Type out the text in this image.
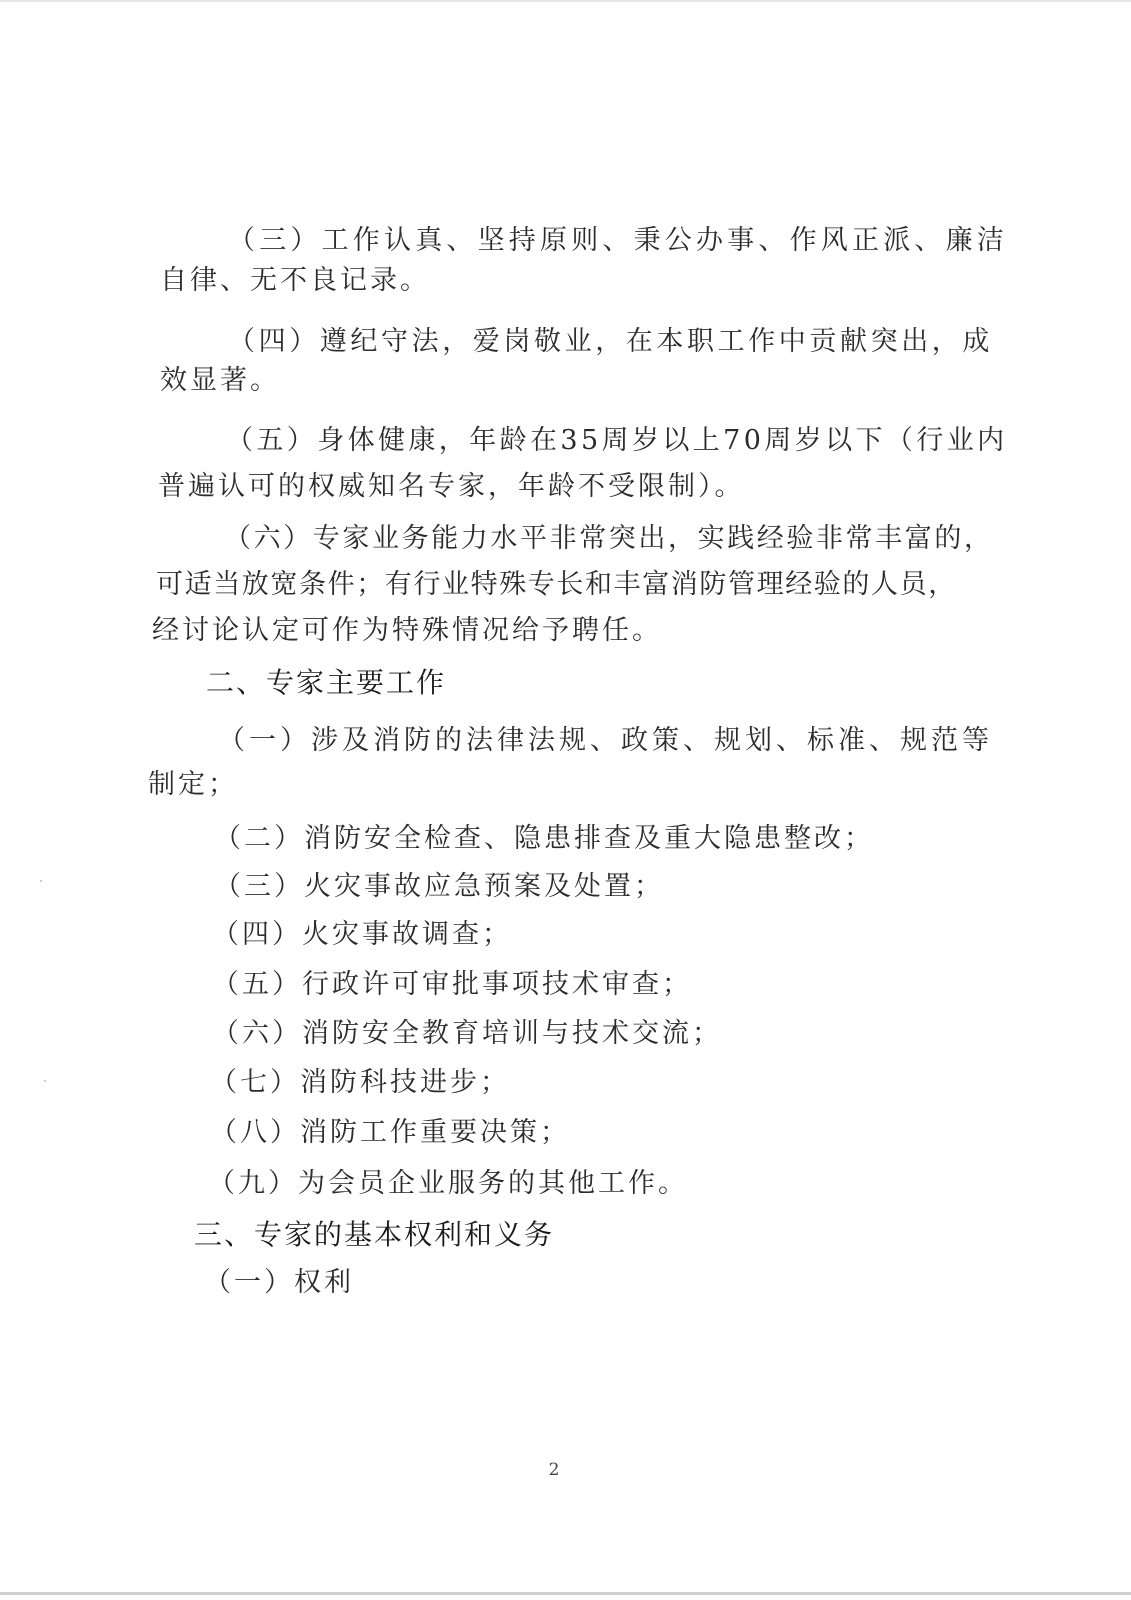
（三）工作认真、坚持原则、秉公办事、作风正派、廉洁
自律、无不良记录。
（四）遵纪守法，爱岗敬业，在本职工作中贡献突出，成
效显著。
（五）身体健康，年龄在35周岁以上70周岁以下（行业内
普遍认可的权威知名专家，年龄不受限制）。
（六）专家业务能力水平非常突出，实践经验非常丰富的，
可适当放宽条件；有行业特殊专长和丰富消防管理经验的人员，
经讨论认定可作为特殊情况给予聘任。
二、专家主要工作
（一）涉及消防的法律法规、政策、规划、标准、规范等
制定；
（二）消防安全检查、隐患排查及重大隐患整改；
（三）火灾事故应急预案及处置；
（四）火灾事故调查；
（五）行政许可审批事项技术审查；
（六）消防安全教育培训与技术交流；
（七）消防科技进步；
（八）消防工作重要决策；
（九）为会员企业服务的其他工作。
三、专家的基本权利和义务
（一）权利
2
